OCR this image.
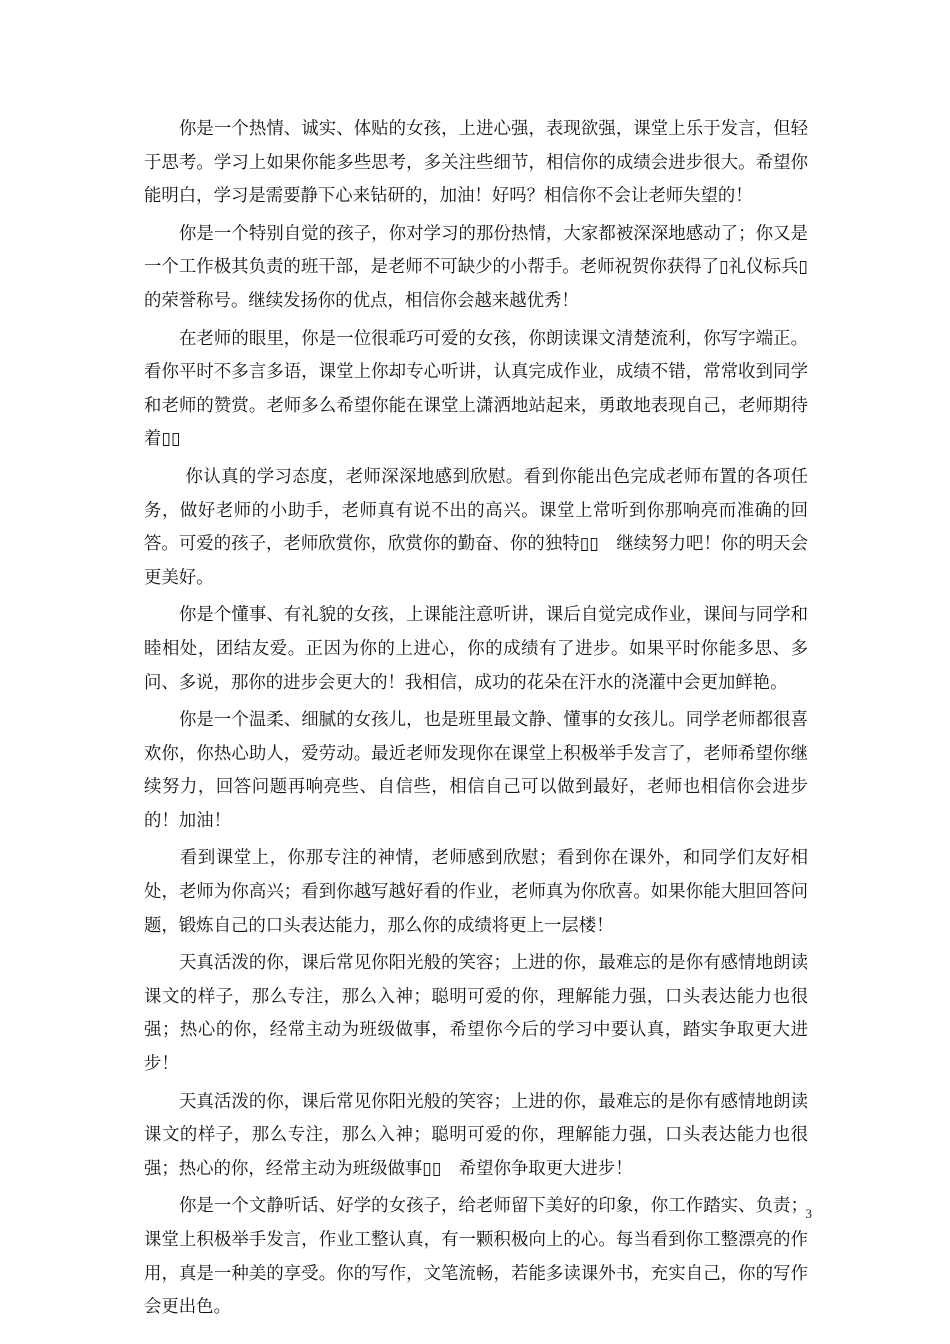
　　你是一个热情、诚实、体贴的女孩，上进心强，表现欲强，课堂上乐于发言，但轻于思考。学习上如果你能多些思考，多关注些细节，相信你的成绩会进步很大。希望你能明白，学习是需要静下心来钻研的，加油！好吗？相信你不会让老师失望的！

　　你是一个特别自觉的孩子，你对学习的那份热情，大家都被深深地感动了；你又是一个工作极其负责的班干部，是老师不可缺少的小帮手。老师祝贺你获得了▯礼仪标兵▯的荣誉称号。继续发扬你的优点，相信你会越来越优秀！

　　在老师的眼里，你是一位很乖巧可爱的女孩，你朗读课文清楚流利，你写字端正。看你平时不多言多语，课堂上你却专心听讲，认真完成作业，成绩不错，常常收到同学和老师的赞赏。老师多么希望你能在课堂上潇洒地站起来，勇敢地表现自己，老师期待着▯▯

　　 你认真的学习态度，老师深深地感到欣慰。看到你能出色完成老师布置的各项任务，做好老师的小助手，老师真有说不出的高兴。课堂上常听到你那响亮而准确的回答。可爱的孩子，老师欣赏你，欣赏你的勤奋、你的独特▯▯　继续努力吧！你的明天会更美好。

　　你是个懂事、有礼貌的女孩，上课能注意听讲，课后自觉完成作业，课间与同学和睦相处，团结友爱。正因为你的上进心，你的成绩有了进步。如果平时你能多思、多问、多说，那你的进步会更大的！我相信，成功的花朵在汗水的浇灌中会更加鲜艳。

　　你是一个温柔、细腻的女孩儿，也是班里最文静、懂事的女孩儿。同学老师都很喜欢你，你热心助人，爱劳动。最近老师发现你在课堂上积极举手发言了，老师希望你继续努力，回答问题再响亮些、自信些，相信自己可以做到最好，老师也相信你会进步的！加油！

　　看到课堂上，你那专注的神情，老师感到欣慰；看到你在课外，和同学们友好相处，老师为你高兴；看到你越写越好看的作业，老师真为你欣喜。如果你能大胆回答问题，锻炼自己的口头表达能力，那么你的成绩将更上一层楼！

　　天真活泼的你，课后常见你阳光般的笑容；上进的你，最难忘的是你有感情地朗读课文的样子，那么专注，那么入神；聪明可爱的你，理解能力强，口头表达能力也很强；热心的你，经常主动为班级做事，希望你今后的学习中要认真，踏实争取更大进步！

　　天真活泼的你，课后常见你阳光般的笑容；上进的你，最难忘的是你有感情地朗读课文的样子，那么专注，那么入神；聪明可爱的你，理解能力强，口头表达能力也很强；热心的你，经常主动为班级做事▯▯　希望你争取更大进步！

　　你是一个文静听话、好学的女孩子，给老师留下美好的印象，你工作踏实、负责；课堂上积极举手发言，作业工整认真，有一颗积极向上的心。每当看到你工整漂亮的作用，真是一种美的享受。你的写作，文笔流畅，若能多读课外书，充实自己，你的写作会更出色。

3
